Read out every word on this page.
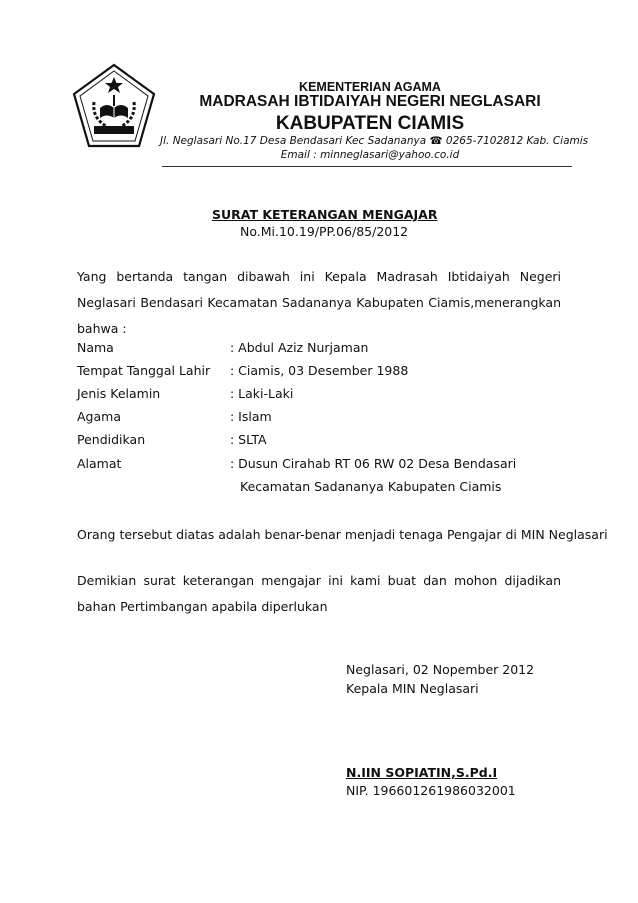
KEMENTERIAN AGAMA
MADRASAH IBTIDAIYAH NEGERI NEGLASARI
KABUPATEN CIAMIS
Jl. Neglasari No.17 Desa Bendasari Kec Sadananya ☎ 0265-7102812 Kab. Ciamis
Email : minneglasari@yahoo.co.id
SURAT KETERANGAN MENGAJAR
No.Mi.10.19/PP.06/85/2012
Yang bertanda tangan dibawah ini Kepala Madrasah Ibtidaiyah Negeri Neglasari Bendasari Kecamatan Sadananya Kabupaten Ciamis,menerangkan bahwa :
Nama	: Abdul Aziz Nurjaman
Tempat Tanggal Lahir : Ciamis, 03 Desember 1988
Jenis Kelamin	: Laki-Laki
Agama	: Islam
Pendidikan	: SLTA
Alamat	: Dusun Cirahab RT 06 RW 02 Desa Bendasari
Kecamatan Sadananya Kabupaten Ciamis
Orang tersebut diatas adalah benar-benar menjadi tenaga Pengajar di MIN Neglasari
Demikian surat keterangan mengajar ini kami buat dan mohon dijadikan bahan Pertimbangan apabila diperlukan
Neglasari, 02 Nopember 2012
Kepala MIN Neglasari
N.IIN SOPIATIN,S.Pd.I
NIP. 196601261986032001
